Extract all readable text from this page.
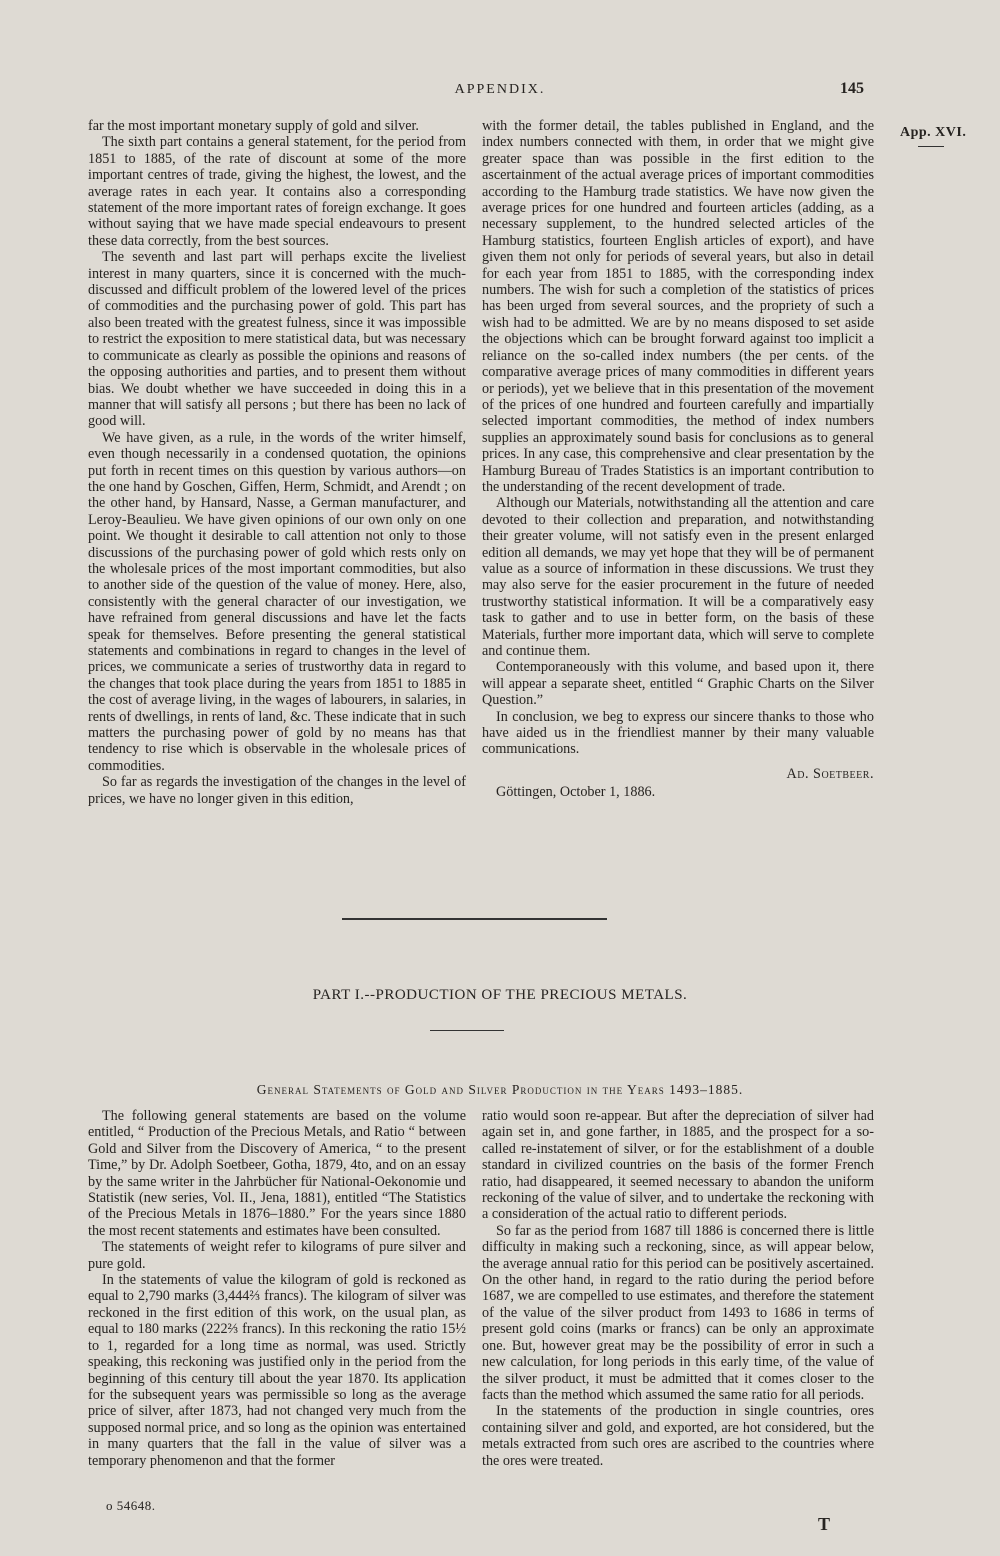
APPENDIX.	145
App. XVI.

far the most important monetary supply of gold and silver.

The sixth part contains a general statement, for the period from 1851 to 1885, of the rate of discount at some of the more important centres of trade, giving the highest, the lowest, and the average rates in each year. It contains also a corresponding statement of the more important rates of foreign exchange. It goes without saying that we have made special endeavours to present these data correctly, from the best sources.

The seventh and last part will perhaps excite the liveliest interest in many quarters, since it is concerned with the much-discussed and difficult problem of the lowered level of the prices of commodities and the purchasing power of gold. This part has also been treated with the greatest fulness, since it was impossible to restrict the exposition to mere statistical data, but was necessary to communicate as clearly as possible the opinions and reasons of the opposing authorities and parties, and to present them without bias. We doubt whether we have succeeded in doing this in a manner that will satisfy all persons ; but there has been no lack of good will.

We have given, as a rule, in the words of the writer himself, even though necessarily in a condensed quotation, the opinions put forth in recent times on this question by various authors—on the one hand by Goschen, Giffen, Herm, Schmidt, and Arendt ; on the other hand, by Hansard, Nasse, a German manufacturer, and Leroy-Beaulieu. We have given opinions of our own only on one point. We thought it desirable to call attention not only to those discussions of the purchasing power of gold which rests only on the wholesale prices of the most important commodities, but also to another side of the question of the value of money. Here, also, consistently with the general character of our investigation, we have refrained from general discussions and have let the facts speak for themselves. Before presenting the general statistical statements and combinations in regard to changes in the level of prices, we communicate a series of trustworthy data in regard to the changes that took place during the years from 1851 to 1885 in the cost of average living, in the wages of labourers, in salaries, in rents of dwellings, in rents of land, &c. These indicate that in such matters the purchasing power of gold by no means has that tendency to rise which is observable in the wholesale prices of commodities.

So far as regards the investigation of the changes in the level of prices, we have no longer given in this edition,

with the former detail, the tables published in England, and the index numbers connected with them, in order that we might give greater space than was possible in the first edition to the ascertainment of the actual average prices of important commodities according to the Hamburg trade statistics. We have now given the average prices for one hundred and fourteen articles (adding, as a necessary supplement, to the hundred selected articles of the Hamburg statistics, fourteen English articles of export), and have given them not only for periods of several years, but also in detail for each year from 1851 to 1885, with the corresponding index numbers. The wish for such a completion of the statistics of prices has been urged from several sources, and the propriety of such a wish had to be admitted. We are by no means disposed to set aside the objections which can be brought forward against too implicit a reliance on the so-called index numbers (the per cents. of the comparative average prices of many commodities in different years or periods), yet we believe that in this presentation of the movement of the prices of one hundred and fourteen carefully and impartially selected important commodities, the method of index numbers supplies an approximately sound basis for conclusions as to general prices. In any case, this comprehensive and clear presentation by the Hamburg Bureau of Trades Statistics is an important contribution to the understanding of the recent development of trade.

Although our Materials, notwithstanding all the attention and care devoted to their collection and preparation, and notwithstanding their greater volume, will not satisfy even in the present enlarged edition all demands, we may yet hope that they will be of permanent value as a source of information in these discussions. We trust they may also serve for the easier procurement in the future of needed trustworthy statistical information. It will be a comparatively easy task to gather and to use in better form, on the basis of these Materials, further more important data, which will serve to complete and continue them.

Contemporaneously with this volume, and based upon it, there will appear a separate sheet, entitled “ Graphic Charts on the Silver Question.”

In conclusion, we beg to express our sincere thanks to those who have aided us in the friendliest manner by their many valuable communications.

Ad. Soetbeer.

Göttingen, October 1, 1886.

PART I.--PRODUCTION OF THE PRECIOUS METALS.
General Statements of Gold and Silver Production in the Years 1493–1885.

The following general statements are based on the volume entitled, “ Production of the Precious Metals, and Ratio “ between Gold and Silver from the Discovery of America, “ to the present Time,” by Dr. Adolph Soetbeer, Gotha, 1879, 4to, and on an essay by the same writer in the Jahrbücher für National-Oekonomie und Statistik (new series, Vol. II., Jena, 1881), entitled “The Statistics of the Precious Metals in 1876–1880.” For the years since 1880 the most recent statements and estimates have been consulted.

The statements of weight refer to kilograms of pure silver and pure gold.

In the statements of value the kilogram of gold is reckoned as equal to 2,790 marks (3,444⅔ francs). The kilogram of silver was reckoned in the first edition of this work, on the usual plan, as equal to 180 marks (222⅔ francs). In this reckoning the ratio 15½ to 1, regarded for a long time as normal, was used. Strictly speaking, this reckoning was justified only in the period from the beginning of this century till about the year 1870. Its application for the subsequent years was permissible so long as the average price of silver, after 1873, had not changed very much from the supposed normal price, and so long as the opinion was entertained in many quarters that the fall in the value of silver was a temporary phenomenon and that the former

ratio would soon re-appear. But after the depreciation of silver had again set in, and gone farther, in 1885, and the prospect for a so-called re-instatement of silver, or for the establishment of a double standard in civilized countries on the basis of the former French ratio, had disappeared, it seemed necessary to abandon the uniform reckoning of the value of silver, and to undertake the reckoning with a consideration of the actual ratio to different periods.

So far as the period from 1687 till 1886 is concerned there is little difficulty in making such a reckoning, since, as will appear below, the average annual ratio for this period can be positively ascertained. On the other hand, in regard to the ratio during the period before 1687, we are compelled to use estimates, and therefore the statement of the value of the silver product from 1493 to 1686 in terms of present gold coins (marks or francs) can be only an approximate one. But, however great may be the possibility of error in such a new calculation, for long periods in this early time, of the value of the silver product, it must be admitted that it comes closer to the facts than the method which assumed the same ratio for all periods.

In the statements of the production in single countries, ores containing silver and gold, and exported, are hot considered, but the metals extracted from such ores are ascribed to the countries where the ores were treated.

o 54648.
T
